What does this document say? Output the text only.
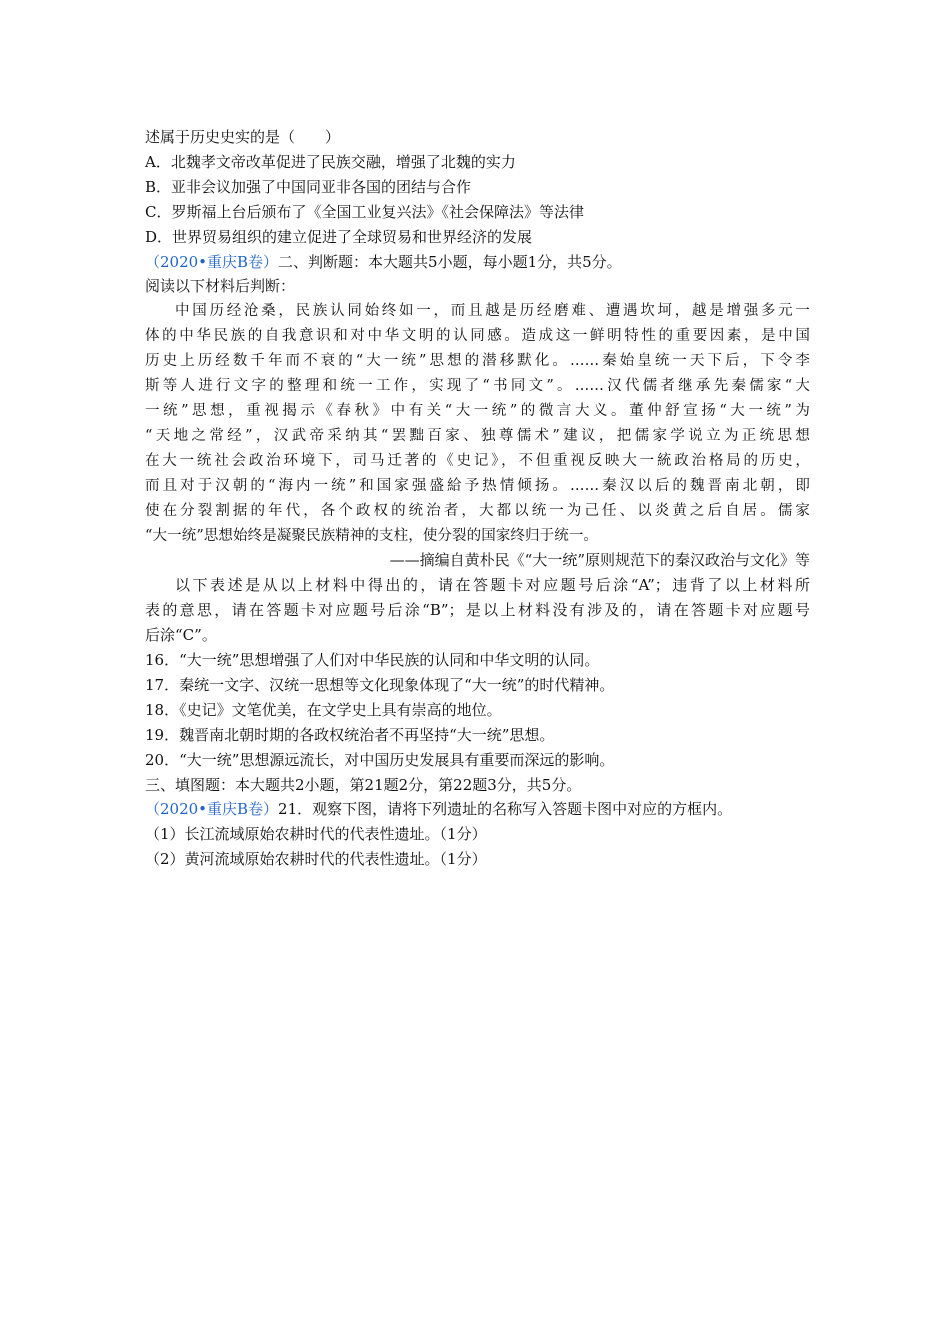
述属于历史史实的是（　　）
A．北魏孝文帝改革促进了民族交融，增强了北魏的实力
B．亚非会议加强了中国同亚非各国的团结与合作
C．罗斯福上台后颁布了《全国工业复兴法》《社会保障法》等法律
D．世界贸易组织的建立促进了全球贸易和世界经济的发展
（2020•重庆B卷）二、判断题：本大题共5小题，每小题1分，共5分。
阅读以下材料后判断：
中国历经沧桑，民族认同始终如一，而且越是历经磨难、遭遇坎坷，越是增强多元一
体的中华民族的自我意识和对中华文明的认同感。造成这一鲜明特性的重要因素，是中国
历史上历经数千年而不衰的“大一统”思想的潜移默化。……秦始皇统一天下后，下令李
斯等人进行文字的整理和统一工作，实现了“书同文”。……汉代儒者继承先秦儒家“大
一统”思想，重视揭示《春秋》中有关“大一统”的微言大义。董仲舒宣扬“大一统”为
“天地之常经”，汉武帝采纳其“罢黜百家、独尊儒术”建议，把儒家学说立为正统思想
在大一统社会政治环境下，司马迁著的《史记》，不但重视反映大一統政治格局的历史，
而且对于汉朝的“海内一统”和国家强盛給予热情倾扬。……秦汉以后的魏晋南北朝，即
使在分裂割据的年代，各个政权的统治者，大都以统一为己任、以炎黄之后自居。儒家
“大一统”思想始终是凝聚民族精神的支柱，使分裂的国家终归于统一。
——摘编自黄朴民《“大一统”原则规范下的秦汉政治与文化》等
以下表述是从以上材料中得出的，请在答题卡对应题号后涂“A”；违背了以上材料所
表的意思，请在答题卡对应题号后涂“B”；是以上材料没有涉及的，请在答题卡对应题号
后涂“C”。
16．“大一统”思想增强了人们对中华民族的认同和中华文明的认同。
17．秦统一文字、汉统一思想等文化现象体现了“大一统”的时代精神。
18．《史记》文笔优美，在文学史上具有崇高的地位。
19．魏晋南北朝时期的各政权统治者不再坚持“大一统”思想。
20．“大一统”思想源远流长，对中国历史发展具有重要而深远的影响。
三、填图题：本大题共2小题，第21题2分，第22题3分，共5分。
（2020•重庆B卷）21．观察下图，请将下列遗址的名称写入答题卡图中对应的方框内。
（1）长江流域原始农耕时代的代表性遗址。（1分）
（2）黄河流域原始农耕时代的代表性遗址。（1分）
